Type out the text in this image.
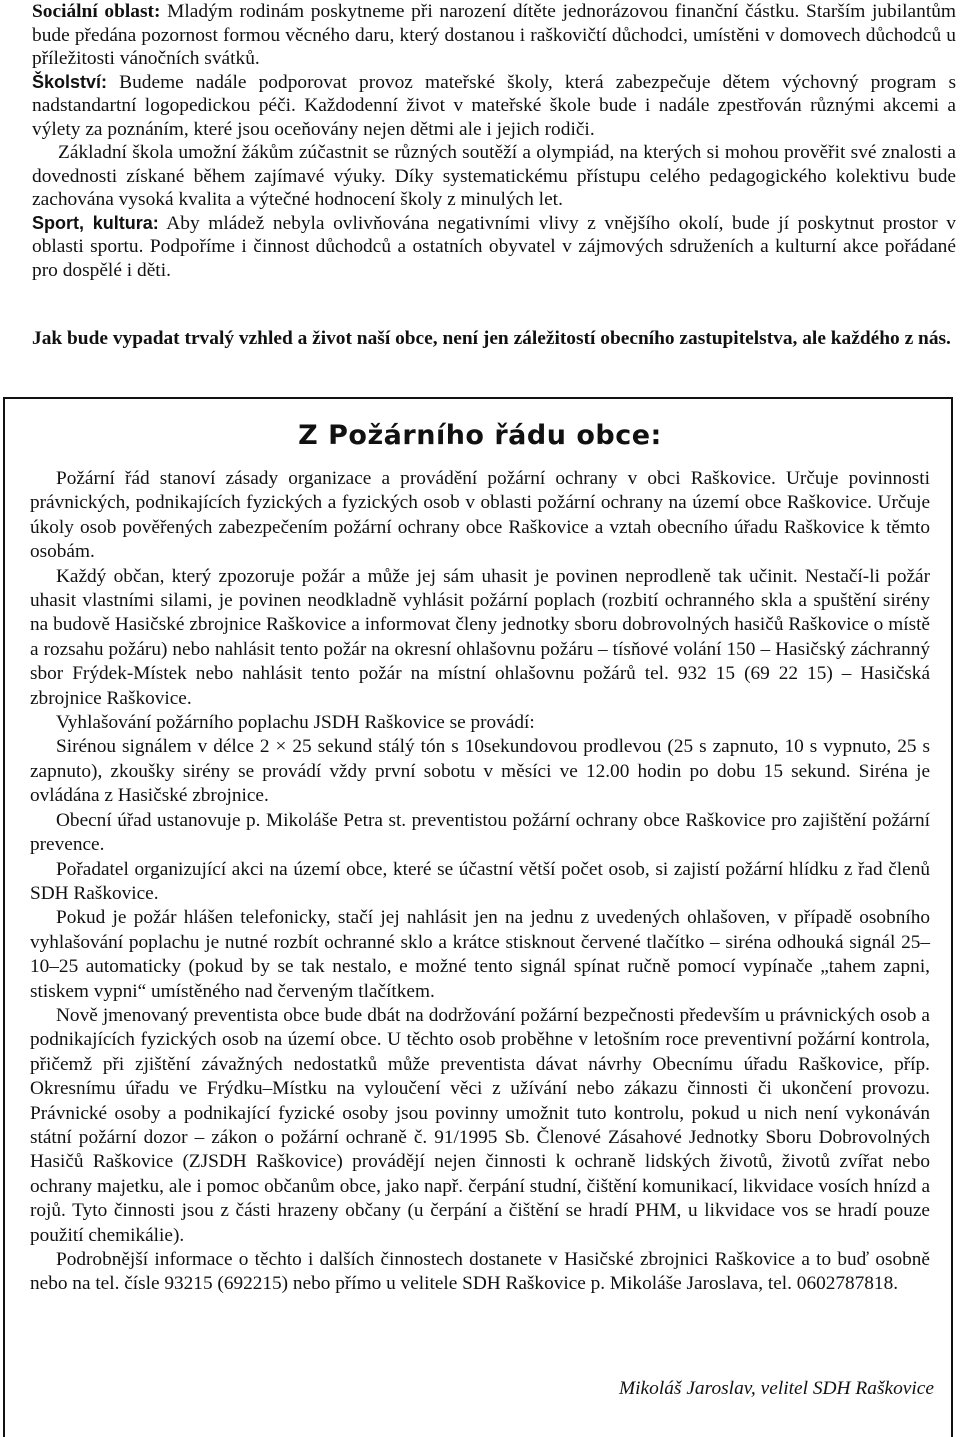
Sociální oblast: Mladým rodinám poskytneme při narození dítěte jednorázovou finanční částku. Starším jubilantům bude předána pozornost formou věcného daru, který dostanou i raškovičtí důchodci, umístěni v domovech důchodců u příležitosti vánočních svátků.

Školství: Budeme nadále podporovat provoz mateřské školy, která zabezpečuje dětem výchovný program s nadstandartní logopedickou péči. Každodenní život v mateřské škole bude i nadále zpestřován různými akcemi a výlety za poznáním, které jsou oceňovány nejen dětmi ale i jejich rodiči.

Základní škola umožní žákům zúčastnit se různých soutěží a olympiád, na kterých si mohou prověřit své znalosti a dovednosti získané během zajímavé výuky. Díky systematickému přístupu celého pedagogického kolektivu bude zachována vysoká kvalita a výtečné hodnocení školy z minulých let.

Sport, kultura: Aby mládež nebyla ovlivňována negativními vlivy z vnějšího okolí, bude jí poskytnut prostor v oblasti sportu. Podpoříme i činnost důchodců a ostatních obyvatel v zájmových sdruženích a kulturní akce pořádané pro dospělé i děti.

Jak bude vypadat trvalý vzhled a život naší obce, není jen záležitostí obecního zastupitelstva, ale každého z nás.

Z Požárního řádu obce:

Požární řád stanoví zásady organizace a provádění požární ochrany v obci Raškovice. Určuje povinnosti právnických, podnikajících fyzických a fyzických osob v oblasti požární ochrany na území obce Raškovice. Určuje úkoly osob pověřených zabezpečením požární ochrany obce Raškovice a vztah obecního úřadu Raškovice k těmto osobám.

Každý občan, který zpozoruje požár a může jej sám uhasit je povinen neprodleně tak učinit. Nestačí-li požár uhasit vlastními silami, je povinen neodkladně vyhlásit požární poplach (rozbití ochranného skla a spuštění sirény na budově Hasičské zbrojnice Raškovice a informovat členy jednotky sboru dobrovolných hasičů Raškovice o místě a rozsahu požáru) nebo nahlásit tento požár na okresní ohlašovnu požáru – tísňové volání 150 – Hasičský záchranný sbor Frýdek-Místek nebo nahlásit tento požár na místní ohlašovnu požárů tel. 932 15 (69 22 15) – Hasičská zbrojnice Raškovice.

Vyhlašování požárního poplachu JSDH Raškovice se provádí:

Sirénou signálem v délce 2 × 25 sekund stálý tón s 10sekundovou prodlevou (25 s zapnuto, 10 s vypnuto, 25 s zapnuto), zkoušky sirény se provádí vždy první sobotu v měsíci ve 12.00 hodin po dobu 15 sekund. Siréna je ovládána z Hasičské zbrojnice.

Obecní úřad ustanovuje p. Mikoláše Petra st. preventistou požární ochrany obce Raškovice pro zajištění požární prevence.

Pořadatel organizující akci na území obce, které se účastní větší počet osob, si zajistí požární hlídku z řad členů SDH Raškovice.

Pokud je požár hlášen telefonicky, stačí jej nahlásit jen na jednu z uvedených ohlašoven, v případě osobního vyhlašování poplachu je nutné rozbít ochranné sklo a krátce stisknout červené tlačítko – siréna odhouká signál 25–10–25 automaticky (pokud by se tak nestalo, e možné tento signál spínat ručně pomocí vypínače „tahem zapni, stiskem vypni“ umístěného nad červeným tlačítkem.

Nově jmenovaný preventista obce bude dbát na dodržování požární bezpečnosti především u právnických osob a podnikajících fyzických osob na území obce. U těchto osob proběhne v letošním roce preventivní požární kontrola, přičemž při zjištění závažných nedostatků může preventista dávat návrhy Obecnímu úřadu Raškovice, příp. Okresnímu úřadu ve Frýdku–Místku na vyloučení věci z užívání nebo zákazu činnosti či ukončení provozu. Právnické osoby a podnikající fyzické osoby jsou povinny umožnit tuto kontrolu, pokud u nich není vykonáván státní požární dozor – zákon o požární ochraně č. 91/1995 Sb. Členové Zásahové Jednotky Sboru Dobrovolných Hasičů Raškovice (ZJSDH Raškovice) provádějí nejen činnosti k ochraně lidských životů, životů zvířat nebo ochrany majetku, ale i pomoc občanům obce, jako např. čerpání studní, čištění komunikací, likvidace vosích hnízd a rojů. Tyto činnosti jsou z části hrazeny občany (u čerpání a čištění se hradí PHM, u likvidace vos se hradí pouze použití chemikálie).

Podrobnější informace o těchto i dalších činnostech dostanete v Hasičské zbrojnici Raškovice a to buď osobně nebo na tel. čísle 93215 (692215) nebo přímo u velitele SDH Raškovice p. Mikoláše Jaroslava, tel. 0602787818.

Mikoláš Jaroslav, velitel SDH Raškovice
